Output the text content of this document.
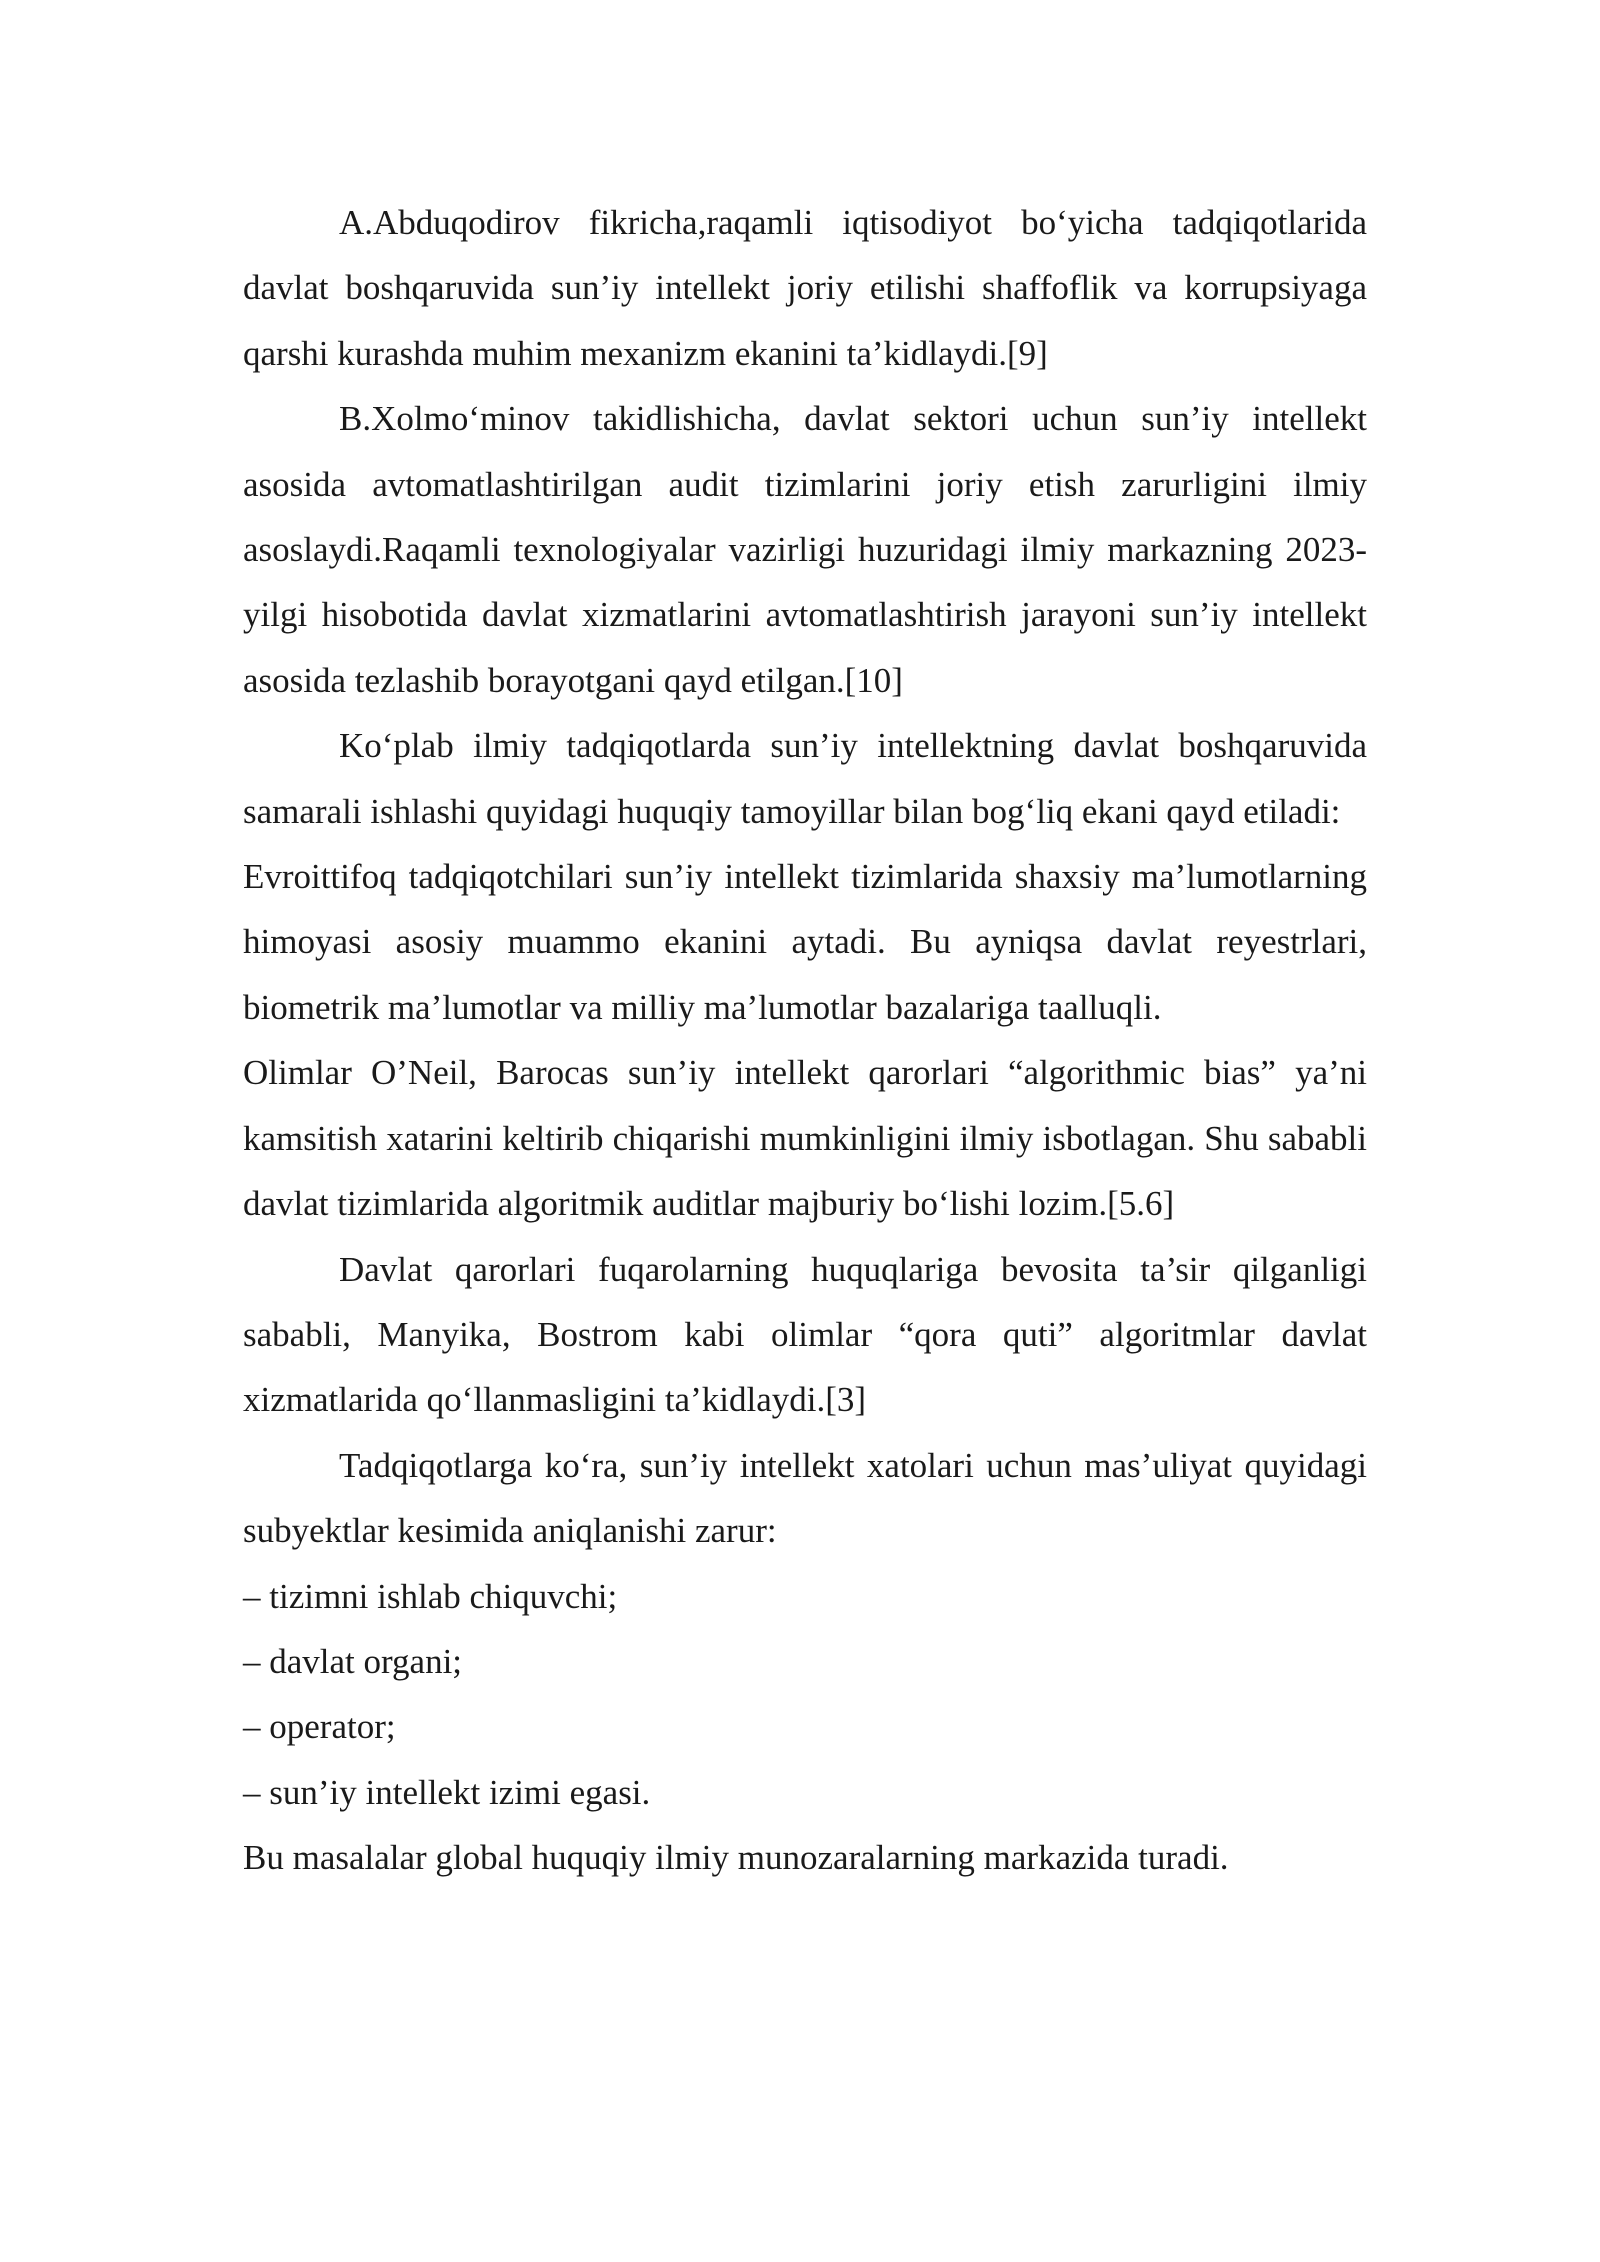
A.Abduqodirov fikricha,raqamli iqtisodiyot bo‘yicha tadqiqotlarida davlat boshqaruvida sun’iy intellekt joriy etilishi shaffoflik va korrupsiyaga qarshi kurashda muhim mexanizm ekanini ta’kidlaydi.[9]

B.Xolmo‘minov takidlishicha, davlat sektori uchun sun’iy intellekt asosida avtomatlashtirilgan audit tizimlarini joriy etish zarurligini ilmiy asoslaydi.Raqamli texnologiyalar vazirligi huzuridagi ilmiy markazning 2023-yilgi hisobotida davlat xizmatlarini avtomatlashtirish jarayoni sun’iy intellekt asosida tezlashib borayotgani qayd etilgan.[10]

Ko‘plab ilmiy tadqiqotlarda sun’iy intellektning davlat boshqaruvida samarali ishlashi quyidagi huquqiy tamoyillar bilan bog‘liq ekani qayd etiladi:

Evroittifoq tadqiqotchilari sun’iy intellekt tizimlarida shaxsiy ma’lumotlarning himoyasi asosiy muammo ekanini aytadi. Bu ayniqsa davlat reyestrlari, biometrik ma’lumotlar va milliy ma’lumotlar bazalariga taalluqli.

Olimlar O’Neil, Barocas sun’iy intellekt qarorlari “algorithmic bias” ya’ni kamsitish xatarini keltirib chiqarishi mumkinligini ilmiy isbotlagan. Shu sababli davlat tizimlarida algoritmik auditlar majburiy bo‘lishi lozim.[5.6]

Davlat qarorlari fuqarolarning huquqlariga bevosita ta’sir qilganligi sababli, Manyika, Bostrom kabi olimlar “qora quti” algoritmlar davlat xizmatlarida qo‘llanmasligini ta’kidlaydi.[3]

Tadqiqotlarga ko‘ra, sun’iy intellekt xatolari uchun mas’uliyat quyidagi subyektlar kesimida aniqlanishi zarur:

– tizimni ishlab chiquvchi;

– davlat organi;

– operator;

– sun’iy intellekt izimi egasi.

Bu masalalar global huquqiy ilmiy munozaralarning markazida turadi.
